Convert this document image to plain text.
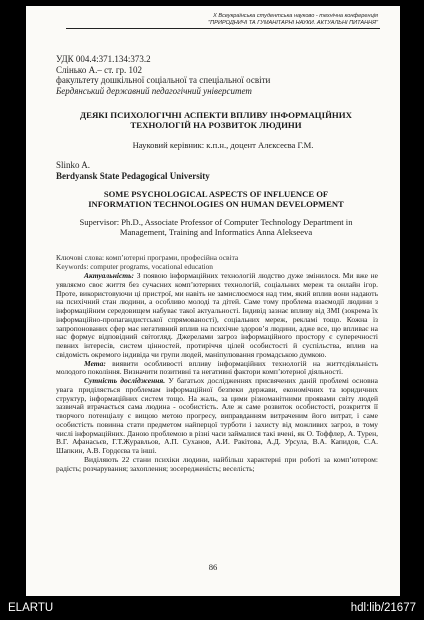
X Всеукраїнська студентська науково - технічна конференція
"ПРИРОДНИЧІ ТА ГУМАНІТАРНІ НАУКИ. АКТУАЛЬНІ ПИТАННЯ"
УДК 004.4:371.134:373.2
Слінько А.– ст. гр. 102
факультету дошкільної соціальної та спеціальної освіти
Бердянський державний педагогічний університет
ДЕЯКІ ПСИХОЛОГІЧНІ АСПЕКТИ ВПЛИВУ ІНФОРМАЦІЙНИХ
ТЕХНОЛОГІЙ НА РОЗВИТОК ЛЮДИНИ
Науковий керівник: к.п.н., доцент Алєксеєва Г.М.
Slinko A.
Berdyansk State Pedagogical University
SOME PSYCHOLOGICAL ASPECTS OF INFLUENCE OF
INFORMATION TECHNOLOGIES ON HUMAN DEVELOPMENT
Supervisor: Ph.D., Associate Professor of Computer Technology Department in
Management, Training and Informatics Anna Alekseeva
Ключові слова: комп’ютерні програми, професійна освіта
Keywords: computer programs, vocational education

Актуальність: З появою інформаційних технологій людство дуже змінилося. Ми вже не уявляємо своє життя без сучасних комп’ютерних технологій, соціальних мереж та онлайн ігор. Проте, використовуючи ці пристрої, ми навіть не замислюємося над тим, який вплив вони надають на психічний стан людини, а особливо молоді та дітей. Саме тому проблема взаємодії людини з інформаційним середовищем набуває такої актуальності. Індивід зазнає впливу від ЗМІ (зокрема їх інформаційно-пропагандистської спрямованості), соціальних мереж, рекламі тощо. Кожна із запропонованих сфер має негативний вплив на психічне здоров’я людини, адже все, що впливає на нас формує відповідний світогляд. Джерелами загроз інформаційного простору є суперечності певних інтересів, систем цінностей, протиріччя цілей особистості й суспільства, вплив на свідомість окремого індивіда чи групи людей, маніпулювання громадською думкою.

Мета: виявити особливості впливу інформаційних технологій на життєдіяльність молодого покоління. Визначити позитивні та негативні фактори комп’ютерної діяльності.

Сутність дослідження. У багатьох дослідженнях присвячених даній проблемі основна увага приділяється проблемам інформаційної безпеки держави, економічних та юридичних структур, інформаційних систем тощо. На жаль, за цими різноманітними проявами світу людей зазвичай втрачається сама людина - особистість. Але ж саме розвиток особистості, розкриття її творчого потенціалу є вищою метою прогресу, виправданням витраченим його витрат, і саме особистість повинна стати предметом найперцої турботи і захисту від можливих загроз, в тому числі інформаційних. Даною проблемою в різні часи займалися такі вчені, як О. Тоффлер, А. Турен, В.Г. Афанасьєв, Г.Т.Журавльов, А.П. Суханов, А.И. Ракітова, А.Д. Урсула, В.А. Капидов, С.А. Шапкин, А.В. Гордєєва та інші.

Виділяють 22 стани психіки людини, найбільш характерні при роботі за комп’ютером: радість; розчарування; захоплення; зосередженість; веселість;

86
ELARTU	hdl:lib/21677
